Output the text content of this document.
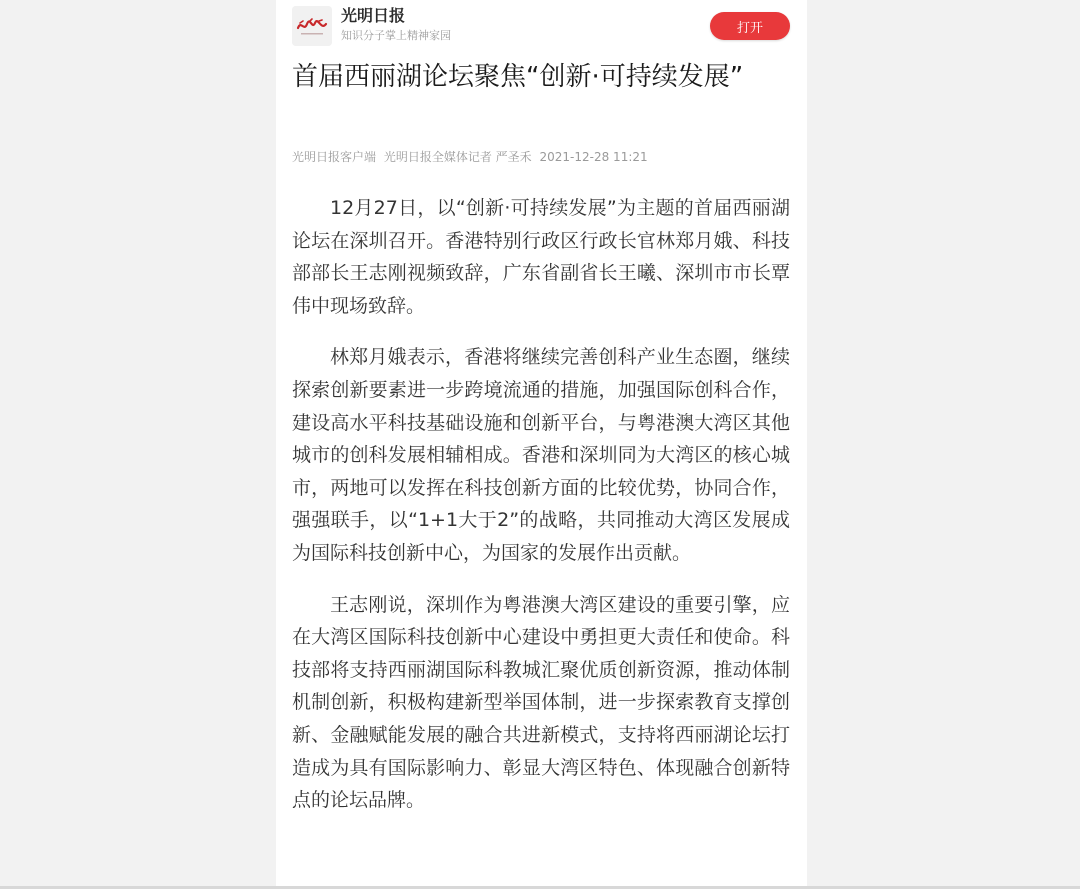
光明日报
知识分子掌上精神家园	打开
首届西丽湖论坛聚焦“创新·可持续发展”
光明日报客户端 光明日报全媒体记者 严圣禾 2021-12-28 11:21

12月27日，以“创新·可持续发展”为主题的首届西丽湖论坛在深圳召开。香港特别行政区行政长官林郑月娥、科技部部长王志刚视频致辞，广东省副省长王曦、深圳市市长覃伟中现场致辞。

林郑月娥表示，香港将继续完善创科产业生态圈，继续探索创新要素进一步跨境流通的措施，加强国际创科合作，建设高水平科技基础设施和创新平台，与粤港澳大湾区其他城市的创科发展相辅相成。香港和深圳同为大湾区的核心城市，两地可以发挥在科技创新方面的比较优势，协同合作，强强联手，以“1+1大于2”的战略，共同推动大湾区发展成为国际科技创新中心，为国家的发展作出贡献。

王志刚说，深圳作为粤港澳大湾区建设的重要引擎，应在大湾区国际科技创新中心建设中勇担更大责任和使命。科技部将支持西丽湖国际科教城汇聚优质创新资源，推动体制机制创新，积极构建新型举国体制，进一步探索教育支撑创新、金融赋能发展的融合共进新模式，支持将西丽湖论坛打造成为具有国际影响力、彰显大湾区特色、体现融合创新特点的论坛品牌。
